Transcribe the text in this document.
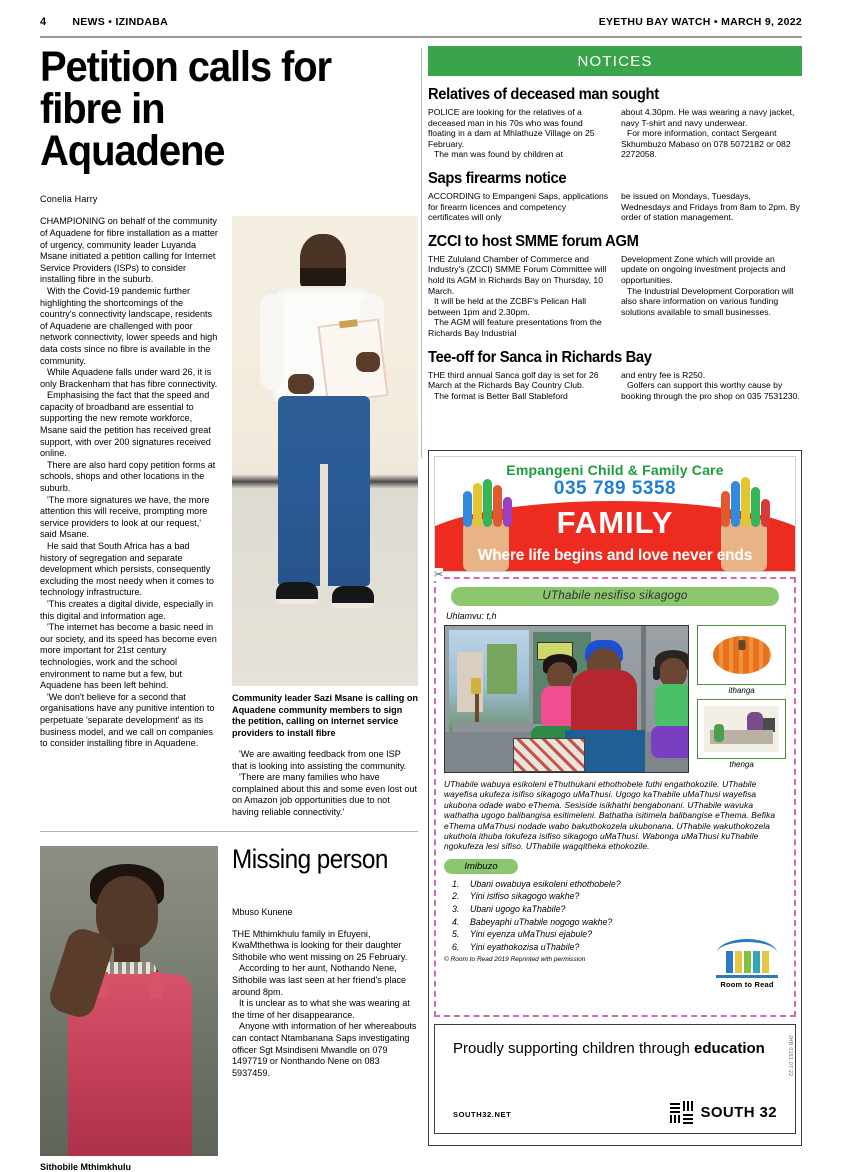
4 NEWS • IZINDABA	EYETHU BAY WATCH • MARCH 9, 2022
Petition calls for fibre in Aquadene
Conelia Harry

CHAMPIONING on behalf of the community of Aquadene for fibre installation as a matter of urgency, community leader Luyanda Msane initiated a petition calling for Internet Service Providers (ISPs) to consider installing fibre in the suburb.

With the Covid-19 pandemic further highlighting the shortcomings of the country's connectivity landscape, residents of Aquadene are challenged with poor network connectivity, lower speeds and high data costs since no fibre is available in the community.

While Aquadene falls under ward 26, it is only Brackenham that has fibre connectivity.

Emphasising the fact that the speed and capacity of broadband are essential to supporting the new remote workforce, Msane said the petition has received great support, with over 200 signatures received online.

There are also hard copy petition forms at schools, shops and other locations in the suburb.

'The more signatures we have, the more attention this will receive, prompting more service providers to look at our request,' said Msane.

He said that South Africa has a bad history of segregation and separate development which persists, consequently excluding the most needy when it comes to technology infrastructure.

'This creates a digital divide, especially in this digital and information age.

'The internet has become a basic need in our society, and its speed has become even more important for 21st century technologies, work and the school environment to name but a few, but Aquadene has been left behind.

'We don't believe for a second that organisations have any punitive intention to perpetuate 'separate development' as its business model, and we call on companies to consider installing fibre in Aquadene.

Community leader Sazi Msane is calling on Aquadene community members to sign the petition, calling on internet service providers to install fibre

'We are awaiting feedback from one ISP that is looking into assisting the community.

'There are many families who have complained about this and some even lost out on Amazon job opportunities due to not having reliable connectivity.'

Sithobile Mthimkhulu
Missing person
Mbuso Kunene

THE Mthimkhulu family in Efuyeni, KwaMthethwa is looking for their daughter Sithobile who went missing on 25 February.

According to her aunt, Nothando Nene, Sithobile was last seen at her friend's place around 8pm.

It is unclear as to what she was wearing at the time of her disappearance.

Anyone with information of her whereabouts can contact Ntambanana Saps investigating officer Sgt Msindiseni Mwandle on 079 1497719 or Nonthando Nene on 083 5937459.

NOTICES
Relatives of deceased man sought

POLICE are looking for the relatives of a deceased man in his 70s who was found floating in a dam at Mhlathuze Village on 25 February.

The man was found by children at

about 4.30pm. He was wearing a navy jacket, navy T-shirt and navy underwear.

For more information, contact Sergeant Skhumbuzo Mabaso on 078 5072182 or 082 2272058.

Saps firearms notice

ACCORDING to Empangeni Saps, applications for firearm licences and competency certificates will only

be issued on Mondays, Tuesdays, Wednesdays and Fridays from 8am to 2pm. By order of station management.

ZCCI to host SMME forum AGM

THE Zululand Chamber of Commerce and Industry's (ZCCI) SMME Forum Committee will hold its AGM in Richards Bay on Thursday, 10 March.

It will be held at the ZCBF's Pelican Hall between 1pm and 2.30pm.

The AGM will feature presentations from the Richards Bay Industrial

Development Zone which will provide an update on ongoing investment projects and opportunities.

The Industrial Development Corporation will also share information on various funding solutions available to small businesses.

Tee-off for Sanca in Richards Bay

THE third annual Sanca golf day is set for 26 March at the Richards Bay Country Club.

The format is Better Ball Stableford

and entry fee is R250.

Golfers can support this worthy cause by booking through the pro shop on 035 7531230.

Empangeni Child & Family Care
035 789 5358
FAMILY
Where life begins and love never ends
✂
UThabile nesifiso sikagogo
Uhlamvu: t,h
ithanga
thenga
UThabile wabuya esikoleni eThuthukani ethothobele futhi engathokozile. UThabile wayefisa ukufeza isifiso sikagogo uMaThusi. Ugogo kaThabile uMaThusi wayefisa ukubona odade wabo eThema. Sesiside isikhathi bengabonani. UThabile wavuka wathatha ugogo balibangisa esitimeleni. Bathatha isitimela balibangise eThema. Befika eThema uMaThusi nodade wabo bakuthokozela ukubonana. UThabile wakuthokozela ukuthola ithuba lokufeza isifiso sikagogo uMaThusi. Wabonga uMaThusi kuThabile ngokufeza lesi sifiso. UThabile wagqitheka ethokozile.
Imibuzo
1.	Ubani owabuya esikoleni ethothobele?
2.	Yini isifiso sikagogo wakhe?
3.	Ubani ugogo kaThabile?
4.	Babeyaphi uThabile nogogo wakhe?
5.	Yini eyenza uMaThusi ejabule?
6.	Yini eyathokozisa uThabile?
© Room to Read 2019 Reprinted with permission
Room to Read
Proudly supporting children through education
SOUTH32.NET	SOUTH 32
JHB 0151 07 22
